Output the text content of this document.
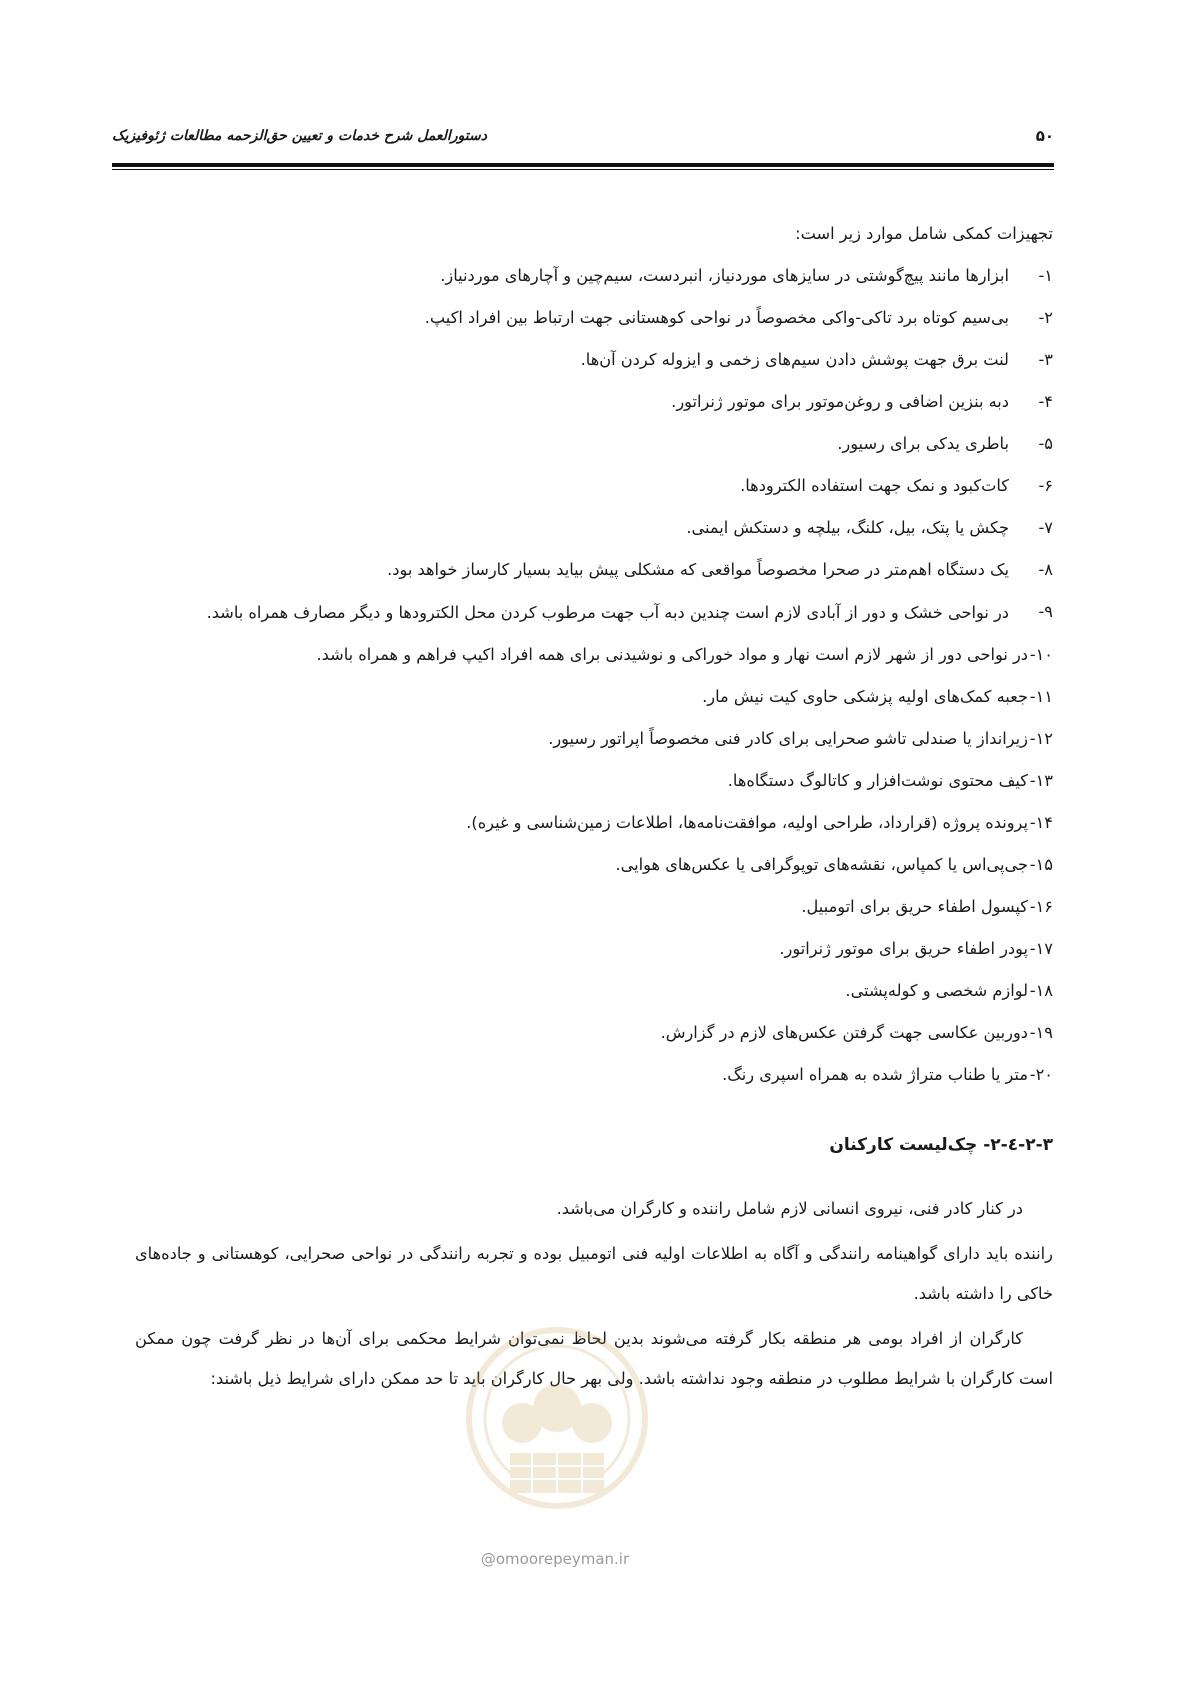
۵۰
دستورالعمل شرح خدمات و تعیین حق‌الزحمه مطالعات ژئوفیزیک
تجهیزات کمکی شامل موارد زیر است:
۱-
ابزارها مانند پیچ‌گوشتی در سایزهای موردنیاز، انبردست، سیم‌چین و آچارهای موردنیاز.
۲-
بی‌سیم کوتاه برد تاکی-واکی مخصوصاً در نواحی کوهستانی جهت ارتباط بین افراد اکیپ.
۳-
لنت برق جهت پوشش دادن سیم‌های زخمی و ایزوله کردن آن‌ها.
۴-
دبه بنزین اضافی و روغن‌موتور برای موتور ژنراتور.
۵-
باطری یدکی برای رسیور.
۶-
کات‌کبود و نمک جهت استفاده الکترودها.
۷-
چکش یا پتک، بیل، کلنگ، بیلچه و دستکش ایمنی.
۸-
یک دستگاه اهم‌متر در صحرا مخصوصاً مواقعی که مشکلی پیش بیاید بسیار کارساز خواهد بود.
۹-
در نواحی خشک و دور از آبادی لازم است چندین دبه آب جهت مرطوب کردن محل الکترودها و دیگر مصارف همراه باشد.
۱۰-
در نواحی دور از شهر لازم است نهار و مواد خوراکی و نوشیدنی برای همه افراد اکیپ فراهم و همراه باشد.
۱۱-
جعبه کمک‌های اولیه پزشکی حاوی کیت نیش مار.
۱۲-
زیرانداز یا صندلی تاشو صحرایی برای کادر فنی مخصوصاً اپراتور رسیور.
۱۳-
کیف محتوی نوشت‌افزار و کاتالوگ دستگاه‌ها.
۱۴-
پرونده پروژه (قرارداد، طراحی اولیه، موافقت‌نامه‌ها، اطلاعات زمین‌شناسی و غیره).
۱۵-
جی‌پی‌اس یا کمپاس، نقشه‌های توپوگرافی یا عکس‌های هوایی.
۱۶-
کپسول اطفاء حریق برای اتومبیل.
۱۷-
پودر اطفاء حریق برای موتور ژنراتور.
۱۸-
لوازم شخصی و کوله‌پشتی.
۱۹-
دوربین عکاسی جهت گرفتن عکس‌های لازم در گزارش.
۲۰-
متر یا طناب متراژ شده به همراه اسپری رنگ.
۲-۳-٤-۲- چک‌لیست کارکنان

در کنار کادر فنی، نیروی انسانی لازم شامل راننده و کارگران می‌باشد.

راننده باید دارای گواهینامه رانندگی و آگاه به اطلاعات اولیه فنی اتومبیل بوده و تجربه رانندگی در نواحی صحرایی، کوهستانی و جاده‌های خاکی را داشته باشد.

کارگران از افراد بومی هر منطقه بکار گرفته می‌شوند بدین لحاظ نمی‌توان شرایط محکمی برای آن‌ها در نظر گرفت چون ممکن است کارگران با شرایط مطلوب در منطقه وجود نداشته باشد. ولی بهر حال کارگران باید تا حد ممکن دارای شرایط ذیل باشند:

@omoorepeyman.ir
